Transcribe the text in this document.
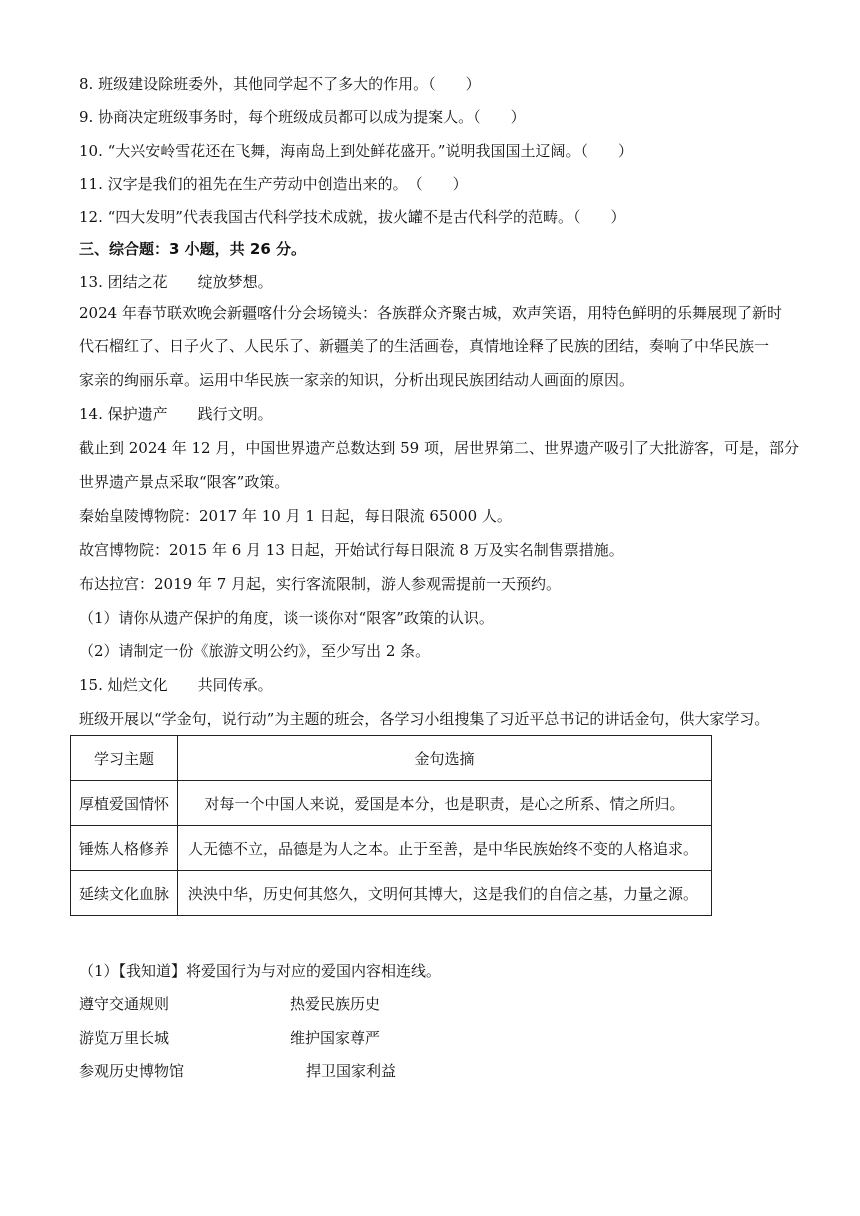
8. 班级建设除班委外，其他同学起不了多大的作用。（　　）
9. 协商决定班级事务时，每个班级成员都可以成为提案人。（　　）
10. “大兴安岭雪花还在飞舞，海南岛上到处鲜花盛开。”说明我国国土辽阔。（　　）
11. 汉字是我们的祖先在生产劳动中创造出来的。　（　　）
12. “四大发明”代表我国古代科学技术成就，拔火罐不是古代科学的范畴。（　　）
三、综合题：3 小题，共 26 分。
13. 团结之花　　绽放梦想。
2024 年春节联欢晚会新疆喀什分会场镜头：各族群众齐聚古城，欢声笑语，用特色鲜明的乐舞展现了新时
代石榴红了、日子火了、人民乐了、新疆美了的生活画卷，真情地诠释了民族的团结，奏响了中华民族一
家亲的绚丽乐章。运用中华民族一家亲的知识，分析出现民族团结动人画面的原因。
14. 保护遗产　　践行文明。
截止到 2024 年 12 月，中国世界遗产总数达到 59 项，居世界第二、世界遗产吸引了大批游客，可是，部分
世界遗产景点采取“限客”政策。
秦始皇陵博物院：2017 年 10 月 1 日起，每日限流 65000 人。
故宫博物院：2015 年 6 月 13 日起，开始试行每日限流 8 万及实名制售票措施。
布达拉宫：2019 年 7 月起，实行客流限制，游人参观需提前一天预约。
（1）请你从遗产保护的角度，谈一谈你对“限客”政策的认识。
（2）请制定一份《旅游文明公约》，至少写出 2 条。
15. 灿烂文化　　共同传承。
班级开展以“学金句，说行动”为主题的班会，各学习小组搜集了习近平总书记的讲话金句，供大家学习。
学习主题	金句选摘
厚植爱国情怀	对每一个中国人来说，爱国是本分，也是职责，是心之所系、情之所归。
锤炼人格修养	人无德不立，品德是为人之本。止于至善，是中华民族始终不变的人格追求。
延续文化血脉	泱泱中华，历史何其悠久，文明何其博大，这是我们的自信之基，力量之源。
（1）【我知道】将爱国行为与对应的爱国内容相连线。
遵守交通规则	热爱民族历史
游览万里长城	维护国家尊严
参观历史博物馆	捍卫国家利益
